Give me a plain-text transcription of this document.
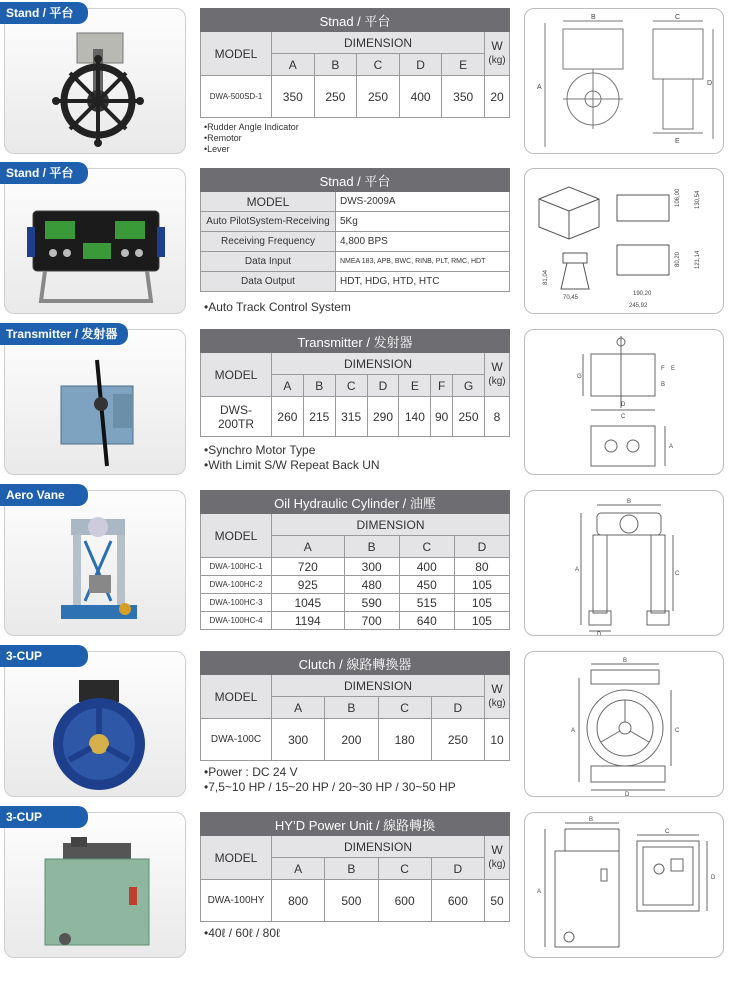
Stand / 平台
Stnad / 平台						
MODEL	DIMENSION					W
(kg)
	A	B	C	D	E	
DWA-500SD-1	350	250	250	400	350	20
• Rudder Angle Indicator
• Remotor
• Lever
B	C
A
D
E
Stand / 平台
Stnad / 平台	
MODEL	DWS-2009A
Auto PilotSystem-Receiving	5Kg
Receiving Frequency	4,800 BPS
Data Input	NMEA 183, APB, BWC, RINB, PLT, RMC, HDT
Data Output	HDT, HDG, HTD, HTC
• Auto Track Control System
106,00 130,54
81,04
70,45
190,20
80,20 121,14
245,92
Transmitter / 发射器
Transmitter / 发射器								
MODEL	DIMENSION							W
(kg)
	A	B	C	D	E	F	G	
DWS-200TR	260	215	315	290	140	90	250	8
• Synchro Motor Type
• With Limit S/W Repeat Back UN
G
F E
B
C
D
A
Aero Vane
Oil Hydraulic Cylinder / 油壓				
MODEL	DIMENSION			
	A	B	C	D
DWA-100HC-1	720	300	400	80
DWA-100HC-2	925	480	450	105
DWA-100HC-3	1045	590	515	105
DWA-100HC-4	1194	700	640	105
B
A
C
D
3-CUP
Clutch / 線路轉換器					
MODEL	DIMENSION				W
(kg)
	A	B	C	D	
DWA-100C	300	200	180	250	10
• Power : DC 24 V
• 7,5~10 HP / 15~20 HP / 20~30 HP / 30~50 HP
B
A	C
D
3-CUP
HY’D Power Unit / 線路轉換					
MODEL	DIMENSION				W
(kg)
	A	B	C	D	
DWA-100HY	800	500	600	600	50
• 40ℓ / 60ℓ / 80ℓ
B
C
A
D
